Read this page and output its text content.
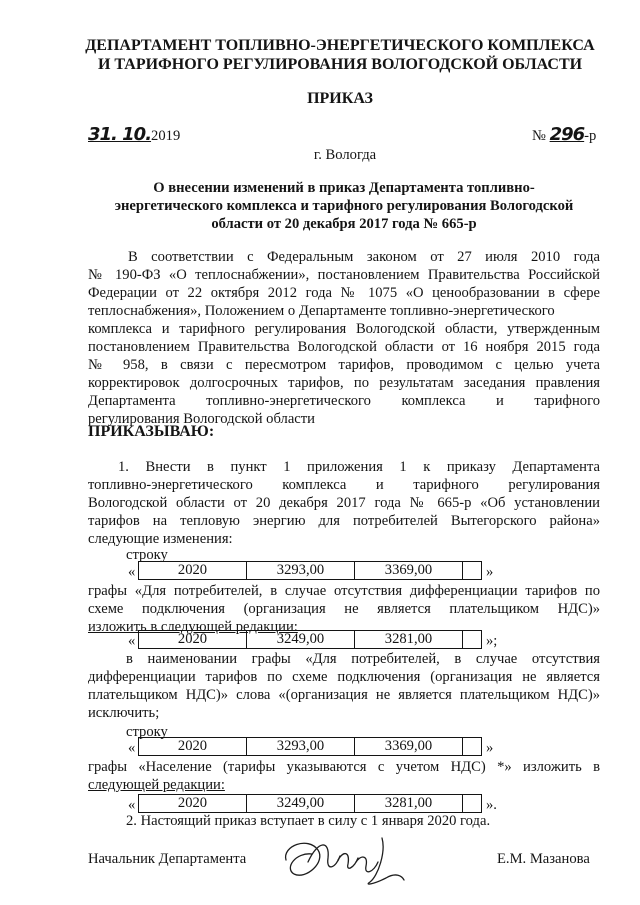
ДЕПАРТАМЕНТ ТОПЛИВНО-ЭНЕРГЕТИЧЕСКОГО КОМПЛЕКСА
И ТАРИФНОГО РЕГУЛИРОВАНИЯ ВОЛОГОДСКОЙ ОБЛАСТИ
ПРИКАЗ
31. 10.2019	№ 296-р
г. Вологда
О внесении изменений в приказ Департамента топливно-
энергетического комплекса и тарифного регулирования Вологодской
области от 20 декабря 2017 года № 665-р
В соответствии с Федеральным законом от 27 июля 2010 года
№ 190-ФЗ «О теплоснабжении», постановлением Правительства Российской
Федерации от 22 октября 2012 года № 1075 «О ценообразовании в сфере
теплоснабжения», Положением о Департаменте топливно-энергетического
комплекса и тарифного регулирования Вологодской области, утвержденным
постановлением Правительства Вологодской области от 16 ноября 2015 года
№ 958, в связи с пересмотром тарифов, проводимом с целью учета
корректировок долгосрочных тарифов, по результатам заседания правления
Департамента топливно-энергетического комплекса и тарифного
регулирования Вологодской области
ПРИКАЗЫВАЮ:
1. Внести в пункт 1 приложения 1 к приказу Департамента
топливно-энергетического комплекса и тарифного регулирования
Вологодской области от 20 декабря 2017 года № 665-р «Об установлении
тарифов на тепловую энергию для потребителей Вытегорского района»
следующие изменения:
строку
«	2020	3293,00	3369,00	»
графы «Для потребителей, в случае отсутствия дифференциации тарифов по
схеме подключения (организация не является плательщиком НДС)»
изложить в следующей редакции:
«	2020	3249,00	3281,00	»;
в наименовании графы «Для потребителей, в случае отсутствия
дифференциации тарифов по схеме подключения (организация не является
плательщиком НДС)» слова «(организация не является плательщиком НДС)»
исключить;
строку
«	2020	3293,00	3369,00	»
графы «Население (тарифы указываются с учетом НДС) *» изложить в
следующей редакции:
«	2020	3249,00	3281,00	».
2. Настоящий приказ вступает в силу с 1 января 2020 года.
Начальник Департамента	Е.М. Мазанова
